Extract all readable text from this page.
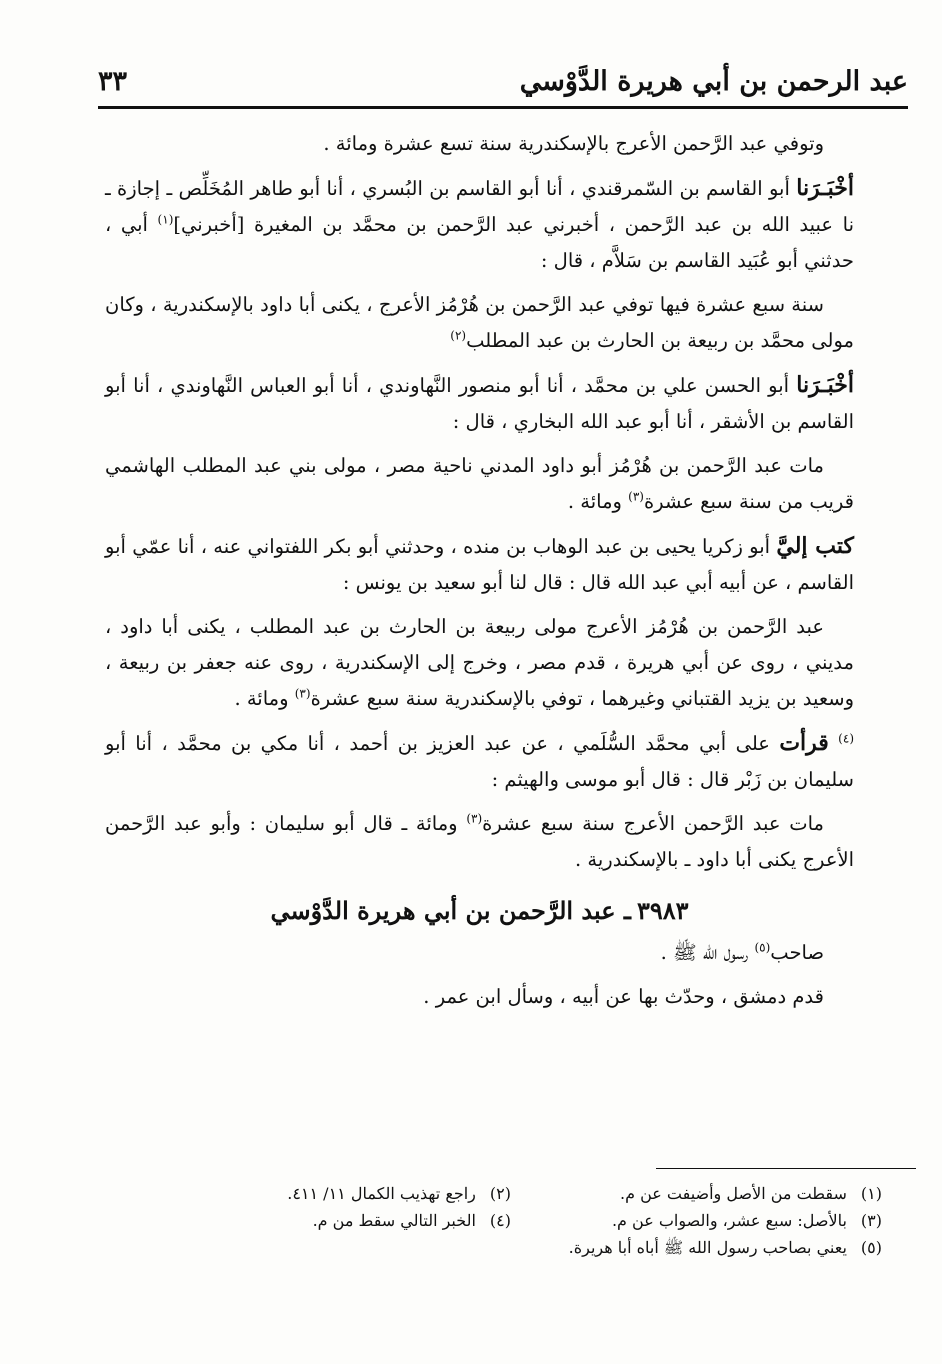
عبد الرحمن بن أبي هريرة الدَّوْسي
٣٣

وتوفي عبد الرَّحمن الأعرج بالإسكندرية سنة تسع عشرة ومائة .

أخْبَـرَنا أبو القاسم بن السّمرقندي ، أنا أبو القاسم بن البُسري ، أنا أبو طاهر المُخَلِّص ـ إجازة ـ نا عبيد الله بن عبد الرَّحمن ، أخبرني عبد الرَّحمن بن محمَّد بن المغيرة [أخبرني]$^{(١)}$ أبي ، حدثني أبو عُبَيد القاسم بن سَلاَّم ، قال :

سنة سبع عشرة فيها توفي عبد الرَّحمن بن هُرْمُز الأعرج ، يكنى أبا داود بالإسكندرية ، وكان مولى محمَّد بن ربيعة بن الحارث بن عبد المطلب$^{(٢)}$

أخْبَـرَنا أبو الحسن علي بن محمَّد ، أنا أبو منصور النَّهاوندي ، أنا أبو العباس النَّهاوندي ، أنا أبو القاسم بن الأشقر ، أنا أبو عبد الله البخاري ، قال :

مات عبد الرَّحمن بن هُرْمُز أبو داود المدني ناحية مصر ، مولى بني عبد المطلب الهاشمي قريب من سنة سبع عشرة$^{(٣)}$ ومائة .

كتب إليَّ أبو زكريا يحيى بن عبد الوهاب بن منده ، وحدثني أبو بكر اللفتواني عنه ، أنا عمّي أبو القاسم ، عن أبيه أبي عبد الله قال : قال لنا أبو سعيد بن يونس :

عبد الرَّحمن بن هُرْمُز الأعرج مولى ربيعة بن الحارث بن عبد المطلب ، يكنى أبا داود ، مديني ، روى عن أبي هريرة ، قدم مصر ، وخرج إلى الإسكندرية ، روى عنه جعفر بن ربيعة ، وسعيد بن يزيد القتباني وغيرهما ، توفي بالإسكندرية سنة سبع عشرة$^{(٣)}$ ومائة .

$^{(٤)}$ قرأت على أبي محمَّد السُّلَمي ، عن عبد العزيز بن أحمد ، أنا مكي بن محمَّد ، أنا أبو سليمان بن زَبْر قال : قال أبو موسى والهيثم :

مات عبد الرَّحمن الأعرج سنة سبع عشرة$^{(٣)}$ ومائة ـ قال أبو سليمان : وأبو عبد الرَّحمن الأعرج يكنى أبا داود ـ بالإسكندرية .

٣٩٨٣ـ عبد الرَّحمن بن أبي هريرة الدَّوْسي

صاحب$^{(٥)}$ رسول الله ﷺ .

قدم دمشق ، وحدّث بها عن أبيه ، وسأل ابن عمر .

(١)سقطت من الأصل وأضيفت عن م.
(٢)راجع تهذيب الكمال ١١/ ٤١١.
(٣)بالأصل: سبع عشر، والصواب عن م.
(٤)الخبر التالي سقط من م.
(٥)يعني بصاحب رسول الله ﷺ أباه أبا هريرة.
